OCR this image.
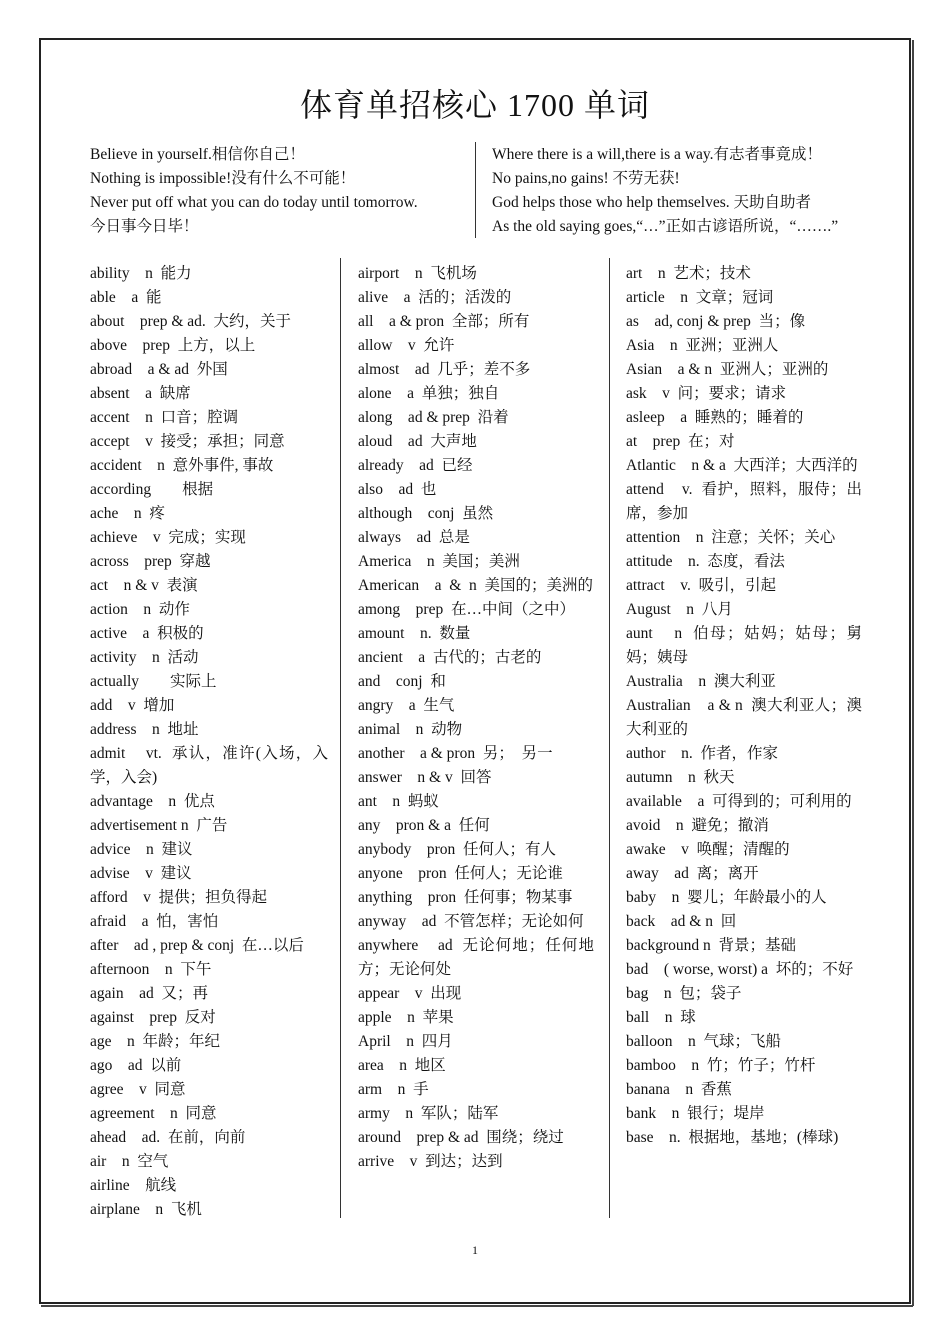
体育单招核心 1700 单词
Believe in yourself.相信你自己！
Nothing is impossible!没有什么不可能！
Never put off what you can do today until tomorrow.
今日事今日毕！
Where there is a will,there is a way.有志者事竟成！
No pains,no gains! 不劳无获!
God helps those who help themselves. 天助自助者
As the old saying goes,“…”正如古谚语所说，“…….”
ability    n  能力
able    a  能
about    prep & ad.  大约，关于
above    prep  上方，以上
abroad    a & ad  外国
absent    a  缺席
accent    n  口音；腔调
accept    v  接受；承担；同意
accident    n  意外事件, 事故
according        根据
ache    n  疼
achieve    v  完成；实现
across    prep  穿越
act    n & v  表演
action    n  动作
active    a  积极的
activity    n  活动
actually        实际上
add    v  增加
address    n  地址
admit    vt.  承认，准许(入场，入学，入会)
advantage    n  优点
advertisement n  广告
advice    n  建议
advise    v  建议
afford    v  提供；担负得起
afraid    a  怕，害怕
after    ad , prep & conj  在…以后
afternoon    n  下午
again    ad  又；再
against    prep  反对
age    n  年龄；年纪
ago    ad  以前
agree    v  同意
agreement    n  同意
ahead    ad.  在前，向前
air    n  空气
airline    航线
airplane    n  飞机
airport    n  飞机场
alive    a  活的；活泼的
all    a & pron  全部；所有
allow    v  允许
almost    ad  几乎；差不多
alone    a  单独；独自
along    ad & prep  沿着
aloud    ad  大声地
already    ad  已经
also    ad  也
although    conj  虽然
always    ad  总是
America    n  美国；美洲
American    a  &  n  美国的；美洲的
among    prep  在…中间（之中）
amount    n.  数量
ancient    a  古代的；古老的
and    conj  和
angry    a  生气
animal    n  动物
another    a & pron  另；  另一
answer    n & v  回答
ant    n  蚂蚁
any    pron & a  任何
anybody    pron  任何人；有人
anyone    pron  任何人；无论谁
anything    pron  任何事；物某事
anyway    ad  不管怎样；无论如何
anywhere    ad  无论何地；任何地方；无论何处
appear    v  出现
apple    n  苹果
April    n  四月
area    n  地区
arm    n  手
army    n  军队；陆军
around    prep & ad  围绕；绕过
arrive    v  到达；达到
art    n  艺术；技术
article    n  文章；冠词
as    ad, conj & prep  当；像
Asia    n  亚洲；亚洲人
Asian    a & n  亚洲人；亚洲的
ask    v  问；要求；请求
asleep    a  睡熟的；睡着的
at    prep  在；对
Atlantic    n & a  大西洋；大西洋的
attend    v.  看护，照料，服侍；出席，参加
attention    n  注意；关怀；关心
attitude    n.  态度，看法
attract    v.  吸引，引起
August    n  八月
aunt    n  伯母；姑妈；姑母；舅妈；姨母
Australia    n  澳大利亚
Australian    a & n  澳大利亚人；澳大利亚的
author    n.  作者，作家
autumn    n  秋天
available    a  可得到的；可利用的
avoid    n  避免；撤消
awake    v  唤醒；清醒的
away    ad  离；离开
baby    n  婴儿；年龄最小的人
back    ad & n  回
background n  背景；基础
bad    ( worse, worst) a  坏的；不好
bag    n  包；袋子
ball    n  球
balloon    n  气球；飞船
bamboo    n  竹；竹子；竹杆
banana    n  香蕉
bank    n  银行；堤岸
base    n.  根据地，基地；(棒球)
1
